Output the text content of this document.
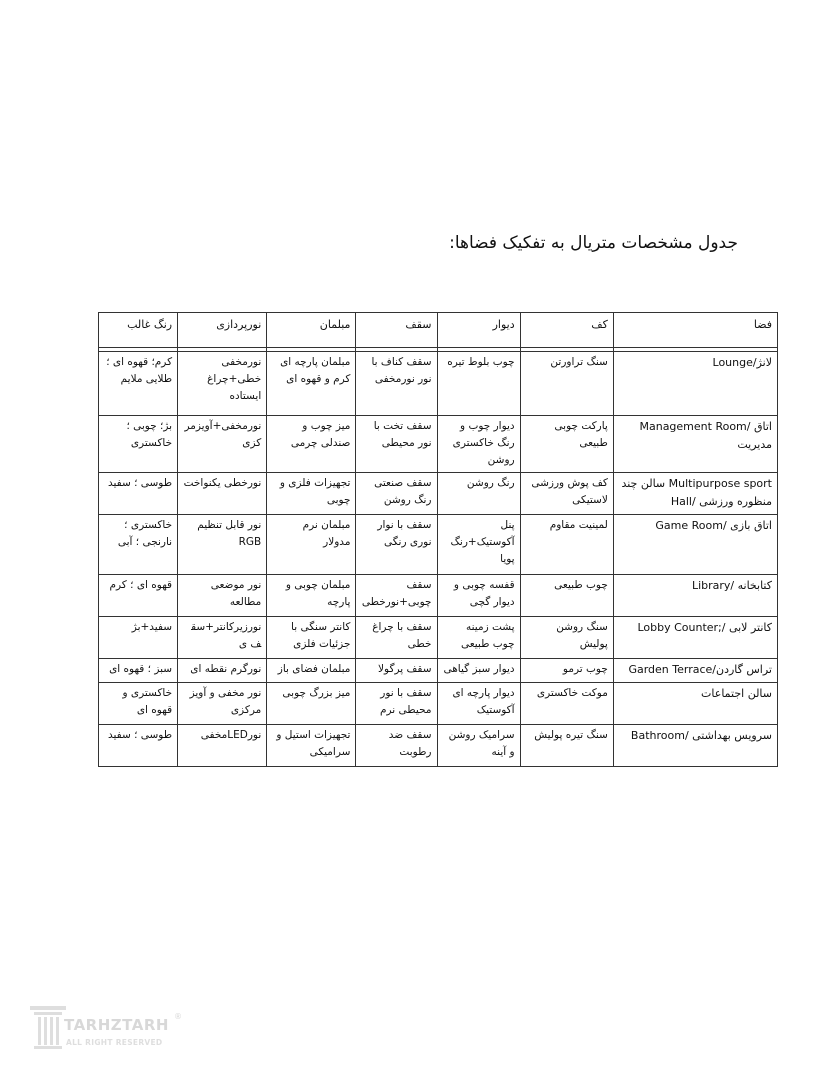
جدول مشخصات متریال به تفکیک فضاها:
فضا	کف	دیوار	سقف	مبلمان	نورپردازی	رنگ غالب

لانژ/Lounge	سنگ تراورتن	چوب بلوط تیره	سقف کناف با نور نورمخفی	مبلمان پارچه ای کرم و قهوه ای	نورمخفی خطی+چراغ ایستاده	کرم؛ قهوه ای ؛ طلایی ملایم
اتاق /Management Room مدیریت	پارکت چوبی طبیعی	دیوار چوب و رنگ خاکستری روشن	سقف تخت با نور محیطی	میز چوب و صندلی چرمی	نورمخفی+آویزمر کزی	بژ؛ چوبی ؛ خاکستری
Multipurpose sport سالن چند منظوره ورزشی /Hall	کف پوش ورزشی لاستیکی	رنگ روشن	سقف صنعتی رنگ روشن	تجهیزات فلزی و چوبی	نورخطی یکنواخت	طوسی ؛ سفید
اتاق بازی /Game Room	لمینیت مقاوم	پنل آکوستیک+رنگ پویا	سقف با نوار نوری رنگی	مبلمان نرم مدولار	نور قابل تنظیم RGB	خاکستری ؛نارنجی ؛ آبی
کتابخانه /Library	چوب طبیعی	قفسه چوبی و دیوار گچی	سقف چوبی+نورخطی	مبلمان چوبی و پارچه	نور موضعی مطالعه	قهوه ای ؛ کرم
کانتر لابی /;Lobby Counter	سنگ روشن پولیش	پشت زمینه چوب طبیعی	سقف با چراغ خطی	کانتر سنگی با جزئیات فلزی	نورزیرکانتر+سقف ی	سفید+بژ
تراس گاردن/Garden Terrace	چوب ترمو	دیوار سبز گیاهی	سقف پرگولا	مبلمان فضای باز	نورگرم نقطه ای	سبز ؛ قهوه ای
سالن اجتماعات	موکت خاکستری	دیوار پارچه ای آکوستیک	سقف با نور محیطی نرم	میز بزرگ چوبی	نور مخفی و آویز مرکزی	خاکستری و قهوه ای
سرویس بهداشتی /Bathroom	سنگ تیره پولیش	سرامیک روشن و آینه	سقف ضد رطوبت	تجهیزات استیل و سرامیکی	نورLEDمخفی	طوسی ؛ سفید
TARHZTARH ®
ALL RIGHT RESERVED
